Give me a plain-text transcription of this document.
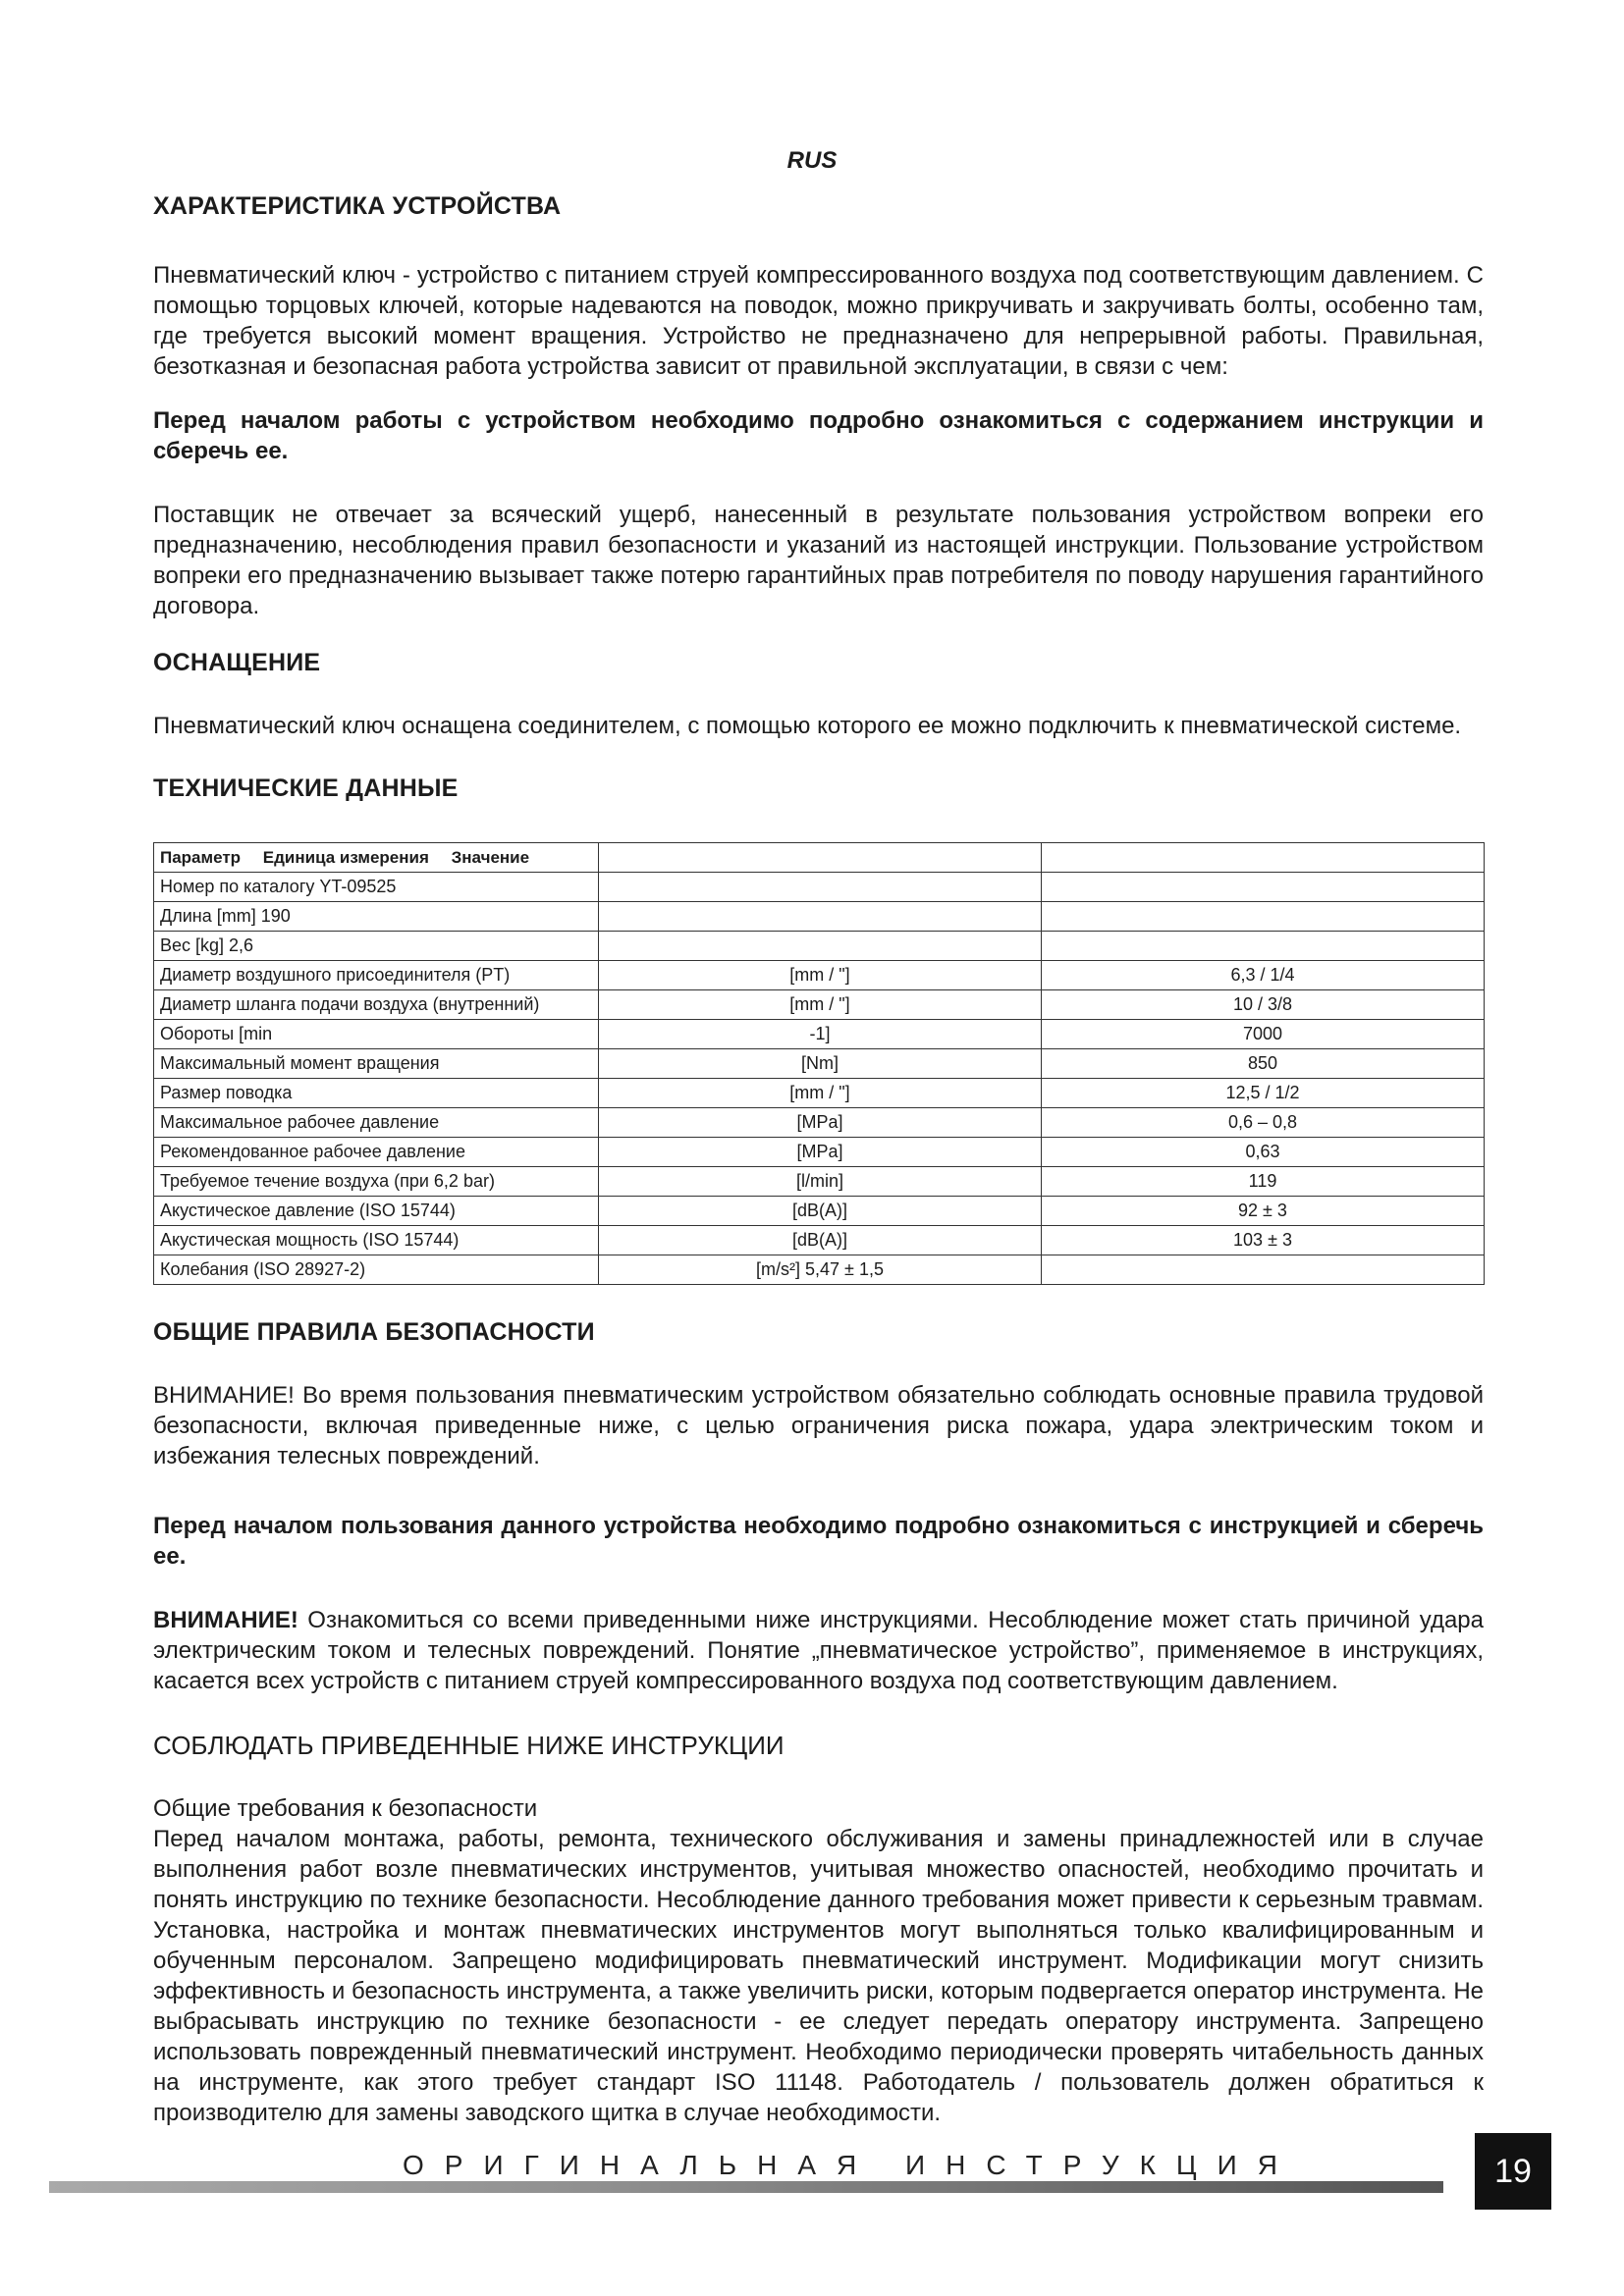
RUS
ХАРАКТЕРИСТИКА УСТРОЙСТВА

Пневматический ключ - устройство с питанием струей компрессированного воздуха под соответствующим давлением. С помощью торцовых ключей, которые надеваются на поводок, можно прикручивать и закручивать болты, особенно там, где требуется высокий момент вращения. Устройство не предназначено для непрерывной работы. Правильная, безотказная и безопасная работа устройства зависит от правильной эксплуатации, в связи с чем:

Перед началом работы с устройством необходимо подробно ознакомиться с содержанием инструкции и сберечь ее.

Поставщик не отвечает за всяческий ущерб, нанесенный в результате пользования устройством вопреки его предназначению, несоблюдения правил безопасности и указаний из настоящей инструкции. Пользование устройством вопреки его предназначению вызывает также потерю гарантийных прав потребителя по поводу нарушения гарантийного договора.

ОСНАЩЕНИЕ

Пневматический ключ оснащена соединителем, с помощью которого ее можно подключить к пневматической системе.

ТЕХНИЧЕСКИЕ ДАННЫЕ
Параметр Единица измерения Значение		
Номер по каталогу YT-09525		
Длина [mm] 190		
Вес [kg] 2,6		
Диаметр воздушного присоединителя (PT)	[mm / "]	6,3 / 1/4
Диаметр шланга подачи воздуха (внутренний)	[mm / "]	10 / 3/8
Обороты [min	-1]	7000
Максимальный момент вращения	[Nm]	850
Размер поводка	[mm / "]	12,5 / 1/2
Максимальное рабочее давление	[MPa]	0,6 – 0,8
Рекомендованное рабочее давление	[MPa]	0,63
Требуемое течение воздуха (при 6,2 bar)	[l/min]	119
Акустическое давление (ISO 15744)	[dB(A)]	92 ± 3
Акустическая мощность (ISO 15744)	[dB(A)]	103 ± 3
Колебания (ISO 28927-2)	[m/s²] 5,47 ± 1,5	
ОБЩИЕ ПРАВИЛА БЕЗОПАСНОСТИ

ВНИМАНИЕ! Во время пользования пневматическим устройством обязательно соблюдать основные правила трудовой безопасности, включая приведенные ниже, с целью ограничения риска пожара, удара электрическим током и избежания телесных повреждений.

Перед началом пользования данного устройства необходимо подробно ознакомиться с инструкцией и сберечь ее.

ВНИМАНИЕ! Ознакомиться со всеми приведенными ниже инструкциями. Несоблюдение может стать причиной удара электрическим током и телесных повреждений. Понятие „пневматическое устройство”, применяемое в инструкциях, касается всех устройств с питанием струей компрессированного воздуха под соответствующим давлением.

СОБЛЮДАТЬ ПРИВЕДЕННЫЕ НИЖЕ ИНСТРУКЦИИ
Общие требования к безопасности

Перед началом монтажа, работы, ремонта, технического обслуживания и замены принадлежностей или в случае выполнения работ возле пневматических инструментов, учитывая множество опасностей, необходимо прочитать и понять инструкцию по технике безопасности. Несоблюдение данного требования может привести к серьезным травмам. Установка, настройка и монтаж пневматических инструментов могут выполняться только квалифицированным и обученным персоналом. Запрещено модифицировать пневматический инструмент. Модификации могут снизить эффективность и безопасность инструмента, а также увеличить риски, которым подвергается оператор инструмента. Не выбрасывать инструкцию по технике безопасности - ее следует передать оператору инструмента. Запрещено использовать поврежденный пневматический инструмент. Необходимо периодически проверять читабельность данных на инструменте, как этого требует стандарт ISO 11148. Работодатель / пользователь должен обратиться к производителю для замены заводского щитка в случае необходимости.

ОРИГИНАЛЬНАЯ ИНСТРУКЦИЯ	19
